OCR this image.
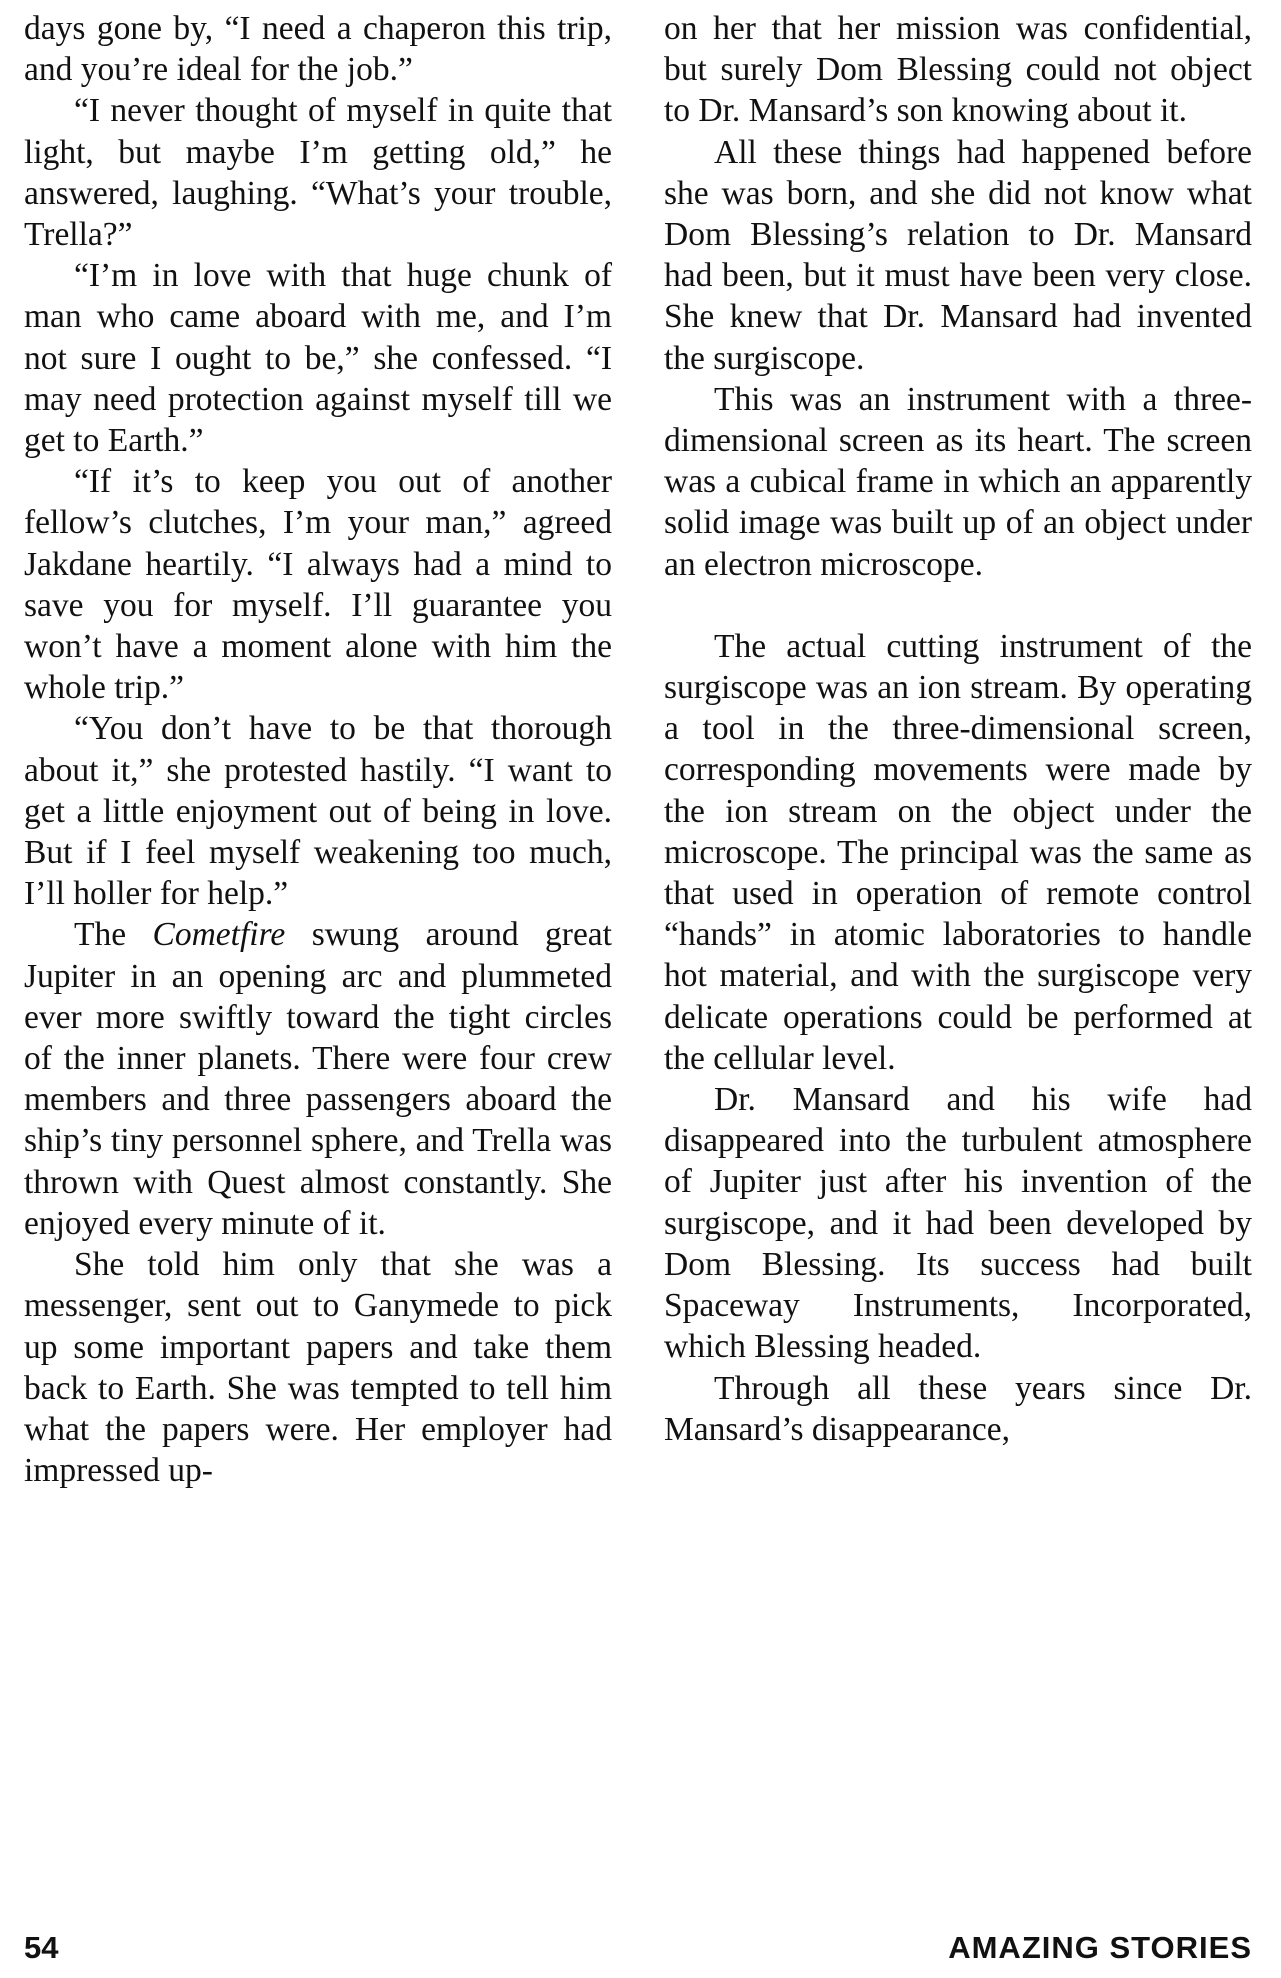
days gone by, “I need a chaperon this trip, and you’re ideal for the job.”

“I never thought of myself in quite that light, but maybe I’m getting old,” he answered, laughing. “What’s your trouble, Trella?”

“I’m in love with that huge chunk of man who came aboard with me, and I’m not sure I ought to be,” she confessed. “I may need protection against myself till we get to Earth.”

“If it’s to keep you out of another fellow’s clutches, I’m your man,” agreed Jakdane heartily. “I always had a mind to save you for myself. I’ll guarantee you won’t have a moment alone with him the whole trip.”

“You don’t have to be that thorough about it,” she protested hastily. “I want to get a little enjoyment out of being in love. But if I feel myself weakening too much, I’ll holler for help.”

The Cometfire swung around great Jupiter in an opening arc and plummeted ever more swiftly toward the tight circles of the inner planets. There were four crew members and three passengers aboard the ship’s tiny personnel sphere, and Trella was thrown with Quest almost constantly. She enjoyed every minute of it.

She told him only that she was a messenger, sent out to Ganymede to pick up some important papers and take them back to Earth. She was tempted to tell him what the papers were. Her employer had impressed up-

on her that her mission was confidential, but surely Dom Blessing could not object to Dr. Mansard’s son knowing about it.

All these things had happened before she was born, and she did not know what Dom Blessing’s relation to Dr. Mansard had been, but it must have been very close. She knew that Dr. Mansard had invented the surgiscope.

This was an instrument with a three-dimensional screen as its heart. The screen was a cubical frame in which an apparently solid image was built up of an object under an electron microscope.

The actual cutting instrument of the surgiscope was an ion stream. By operating a tool in the three-dimensional screen, corresponding movements were made by the ion stream on the object under the microscope. The principal was the same as that used in operation of remote control “hands” in atomic laboratories to handle hot material, and with the surgiscope very delicate operations could be performed at the cellular level.

Dr. Mansard and his wife had disappeared into the turbulent atmosphere of Jupiter just after his invention of the surgiscope, and it had been developed by Dom Blessing. Its success had built Spaceway Instruments, Incorporated, which Blessing headed.

Through all these years since Dr. Mansard’s disappearance,

54	AMAZING STORIES
